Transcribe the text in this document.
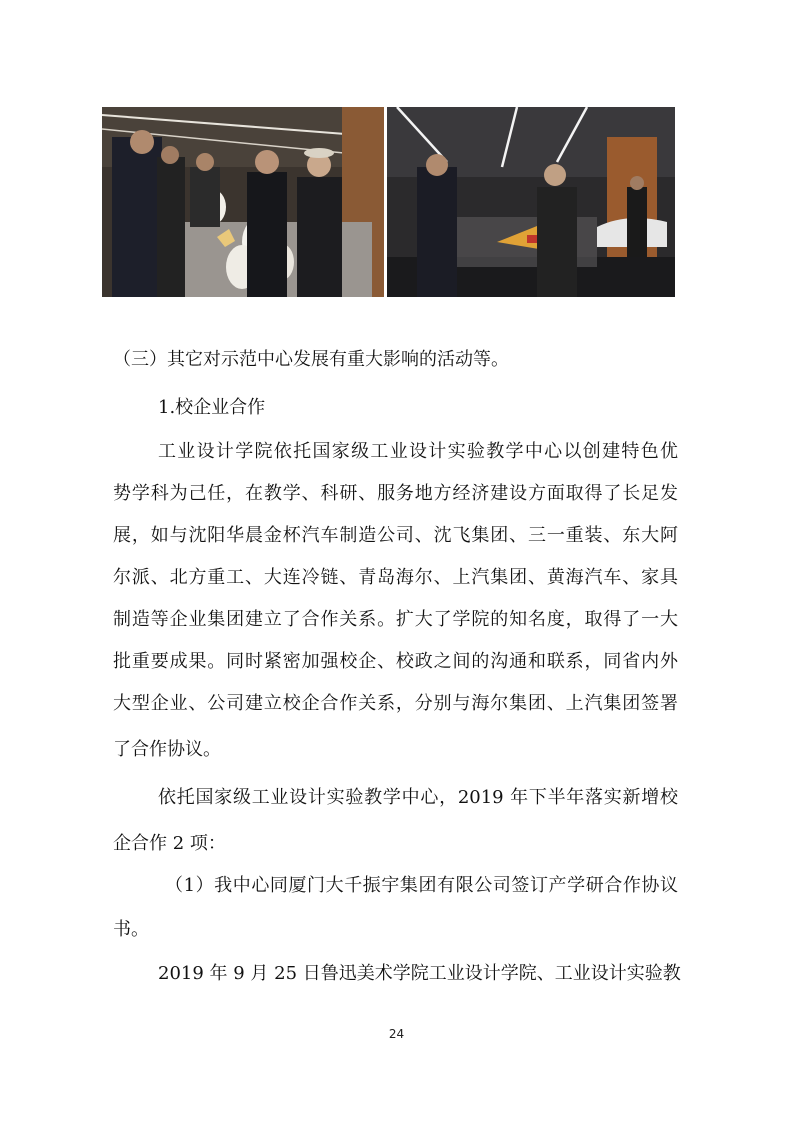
（三）其它对示范中心发展有重大影响的活动等。
1.校企业合作
工业设计学院依托国家级工业设计实验教学中心以创建特色优
势学科为己任，在教学、科研、服务地方经济建设方面取得了长足发
展，如与沈阳华晨金杯汽车制造公司、沈飞集团、三一重装、东大阿
尔派、北方重工、大连冷链、青岛海尔、上汽集团、黄海汽车、家具
制造等企业集团建立了合作关系。扩大了学院的知名度，取得了一大
批重要成果。同时紧密加强校企、校政之间的沟通和联系，同省内外
大型企业、公司建立校企合作关系，分别与海尔集团、上汽集团签署
了合作协议。
依托国家级工业设计实验教学中心，2019 年下半年落实新增校
企合作 2 项：
（1）我中心同厦门大千振宇集团有限公司签订产学研合作协议
书。
2019 年 9 月 25 日鲁迅美术学院工业设计学院、工业设计实验教
24
